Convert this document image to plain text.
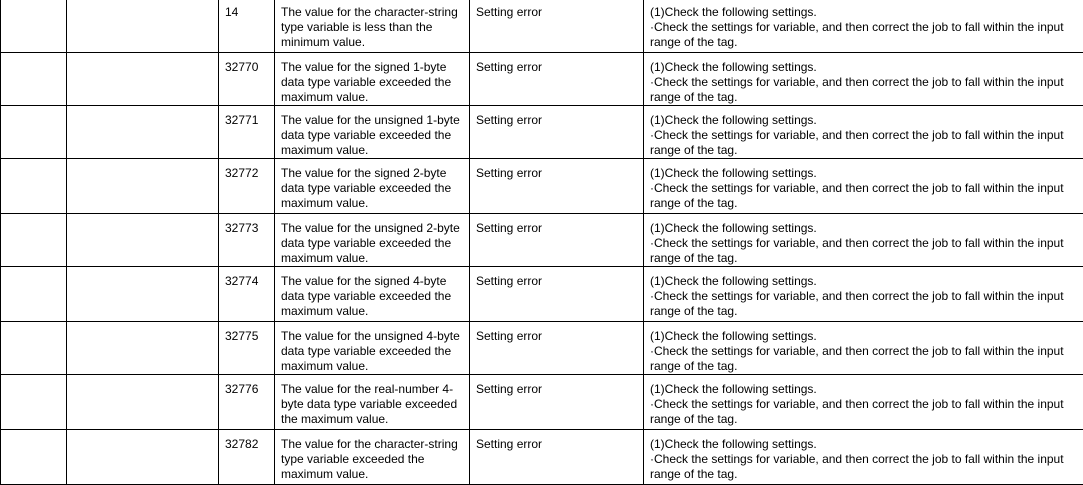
		14	The value for the character-string type variable is less than the minimum value.	Setting error	(1)Check the following settings.
·Check the settings for variable, and then correct the job to fall within the input range of the tag.

		32770	The value for the signed 1-byte data type variable exceeded the maximum value.	Setting error	(1)Check the following settings.
·Check the settings for variable, and then correct the job to fall within the input range of the tag.

		32771	The value for the unsigned 1-byte data type variable exceeded the maximum value.	Setting error	(1)Check the following settings.
·Check the settings for variable, and then correct the job to fall within the input range of the tag.

		32772	The value for the signed 2-byte data type variable exceeded the maximum value.	Setting error	(1)Check the following settings.
·Check the settings for variable, and then correct the job to fall within the input range of the tag.

		32773	The value for the unsigned 2-byte data type variable exceeded the maximum value.	Setting error	(1)Check the following settings.
·Check the settings for variable, and then correct the job to fall within the input range of the tag.

		32774	The value for the signed 4-byte data type variable exceeded the maximum value.	Setting error	(1)Check the following settings.
·Check the settings for variable, and then correct the job to fall within the input range of the tag.

		32775	The value for the unsigned 4-byte data type variable exceeded the maximum value.	Setting error	(1)Check the following settings.
·Check the settings for variable, and then correct the job to fall within the input range of the tag.

		32776	The value for the real-number 4-byte data type variable exceeded the maximum value.	Setting error	(1)Check the following settings.
·Check the settings for variable, and then correct the job to fall within the input range of the tag.

		32782	The value for the character-string type variable exceeded the maximum value.	Setting error	(1)Check the following settings.
·Check the settings for variable, and then correct the job to fall within the input range of the tag.
